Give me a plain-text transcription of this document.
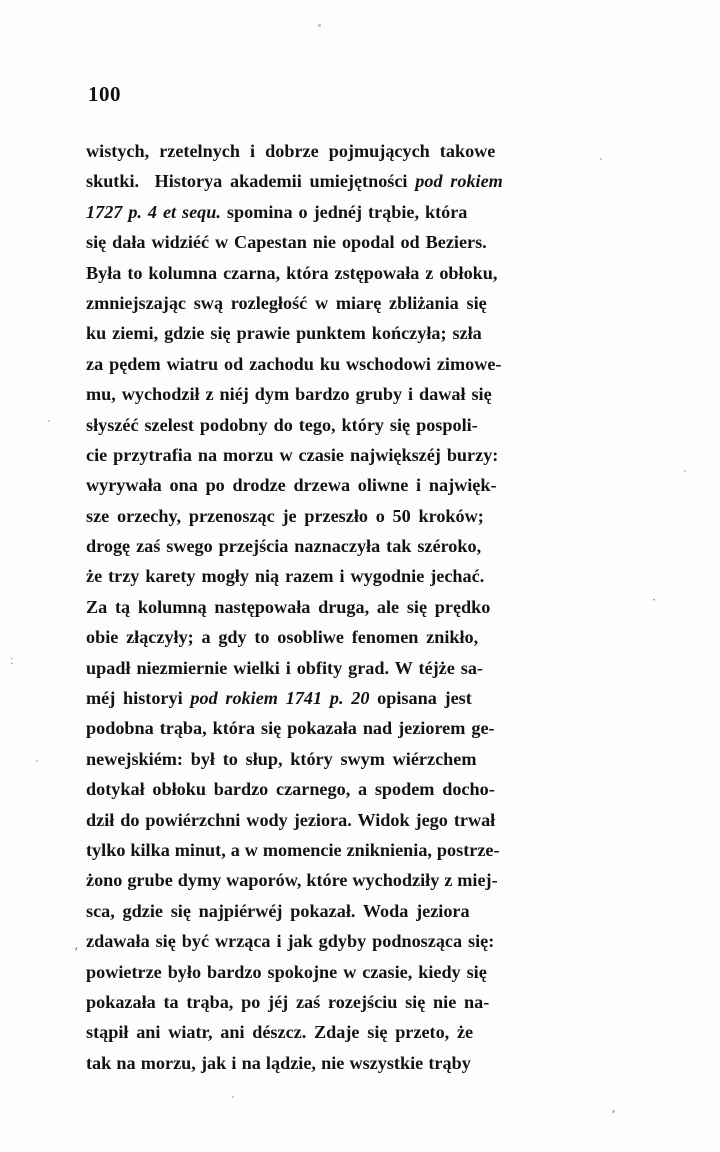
100
wistych, rzetelnych i dobrze pojmujących takowe
skutki.  Historya akademii umiejętności pod rokiem
1727 p. 4 et sequ. spomina o jednéj trąbie, która
się dała widziéć w Capestan nie opodal od Beziers.
Była to kolumna czarna, która zstępowała z obłoku,
zmniejszając swą rozległość w miarę zbliżania się
ku ziemi, gdzie się prawie punktem kończyła; szła
za pędem wiatru od zachodu ku wschodowi zimowe-
mu, wychodził z niéj dym bardzo gruby i dawał się
słyszéć szelest podobny do tego, który się pospoli-
cie przytrafia na morzu w czasie największéj burzy:
wyrywała ona po drodze drzewa oliwne i najwięk-
sze orzechy, przenosząc je przeszło o 50 kroków;
drogę zaś swego przejścia naznaczyła tak széroko,
że trzy karety mogły nią razem i wygodnie jechać.
Za tą kolumną następowała druga, ale się prędko
obie złączyły; a gdy to osobliwe fenomen znikło,
upadł niezmiernie wielki i obfity grad. W téjże sa-
méj historyi pod rokiem 1741 p. 20 opisana jest
podobna trąba, która się pokazała nad jeziorem ge-
newejskiém: był to słup, który swym wiérzchem
dotykał obłoku bardzo czarnego, a spodem docho-
dził do powiérzchni wody jeziora. Widok jego trwał
tylko kilka minut, a w momencie zniknienia, postrze-
żono grube dymy waporów, które wychodziły z miej-
sca, gdzie się najpiérwéj pokazał. Woda jeziora
zdawała się być wrząca i jak gdyby podnosząca się:
powietrze było bardzo spokojne w czasie, kiedy się
pokazała ta trąba, po jéj zaś rozejściu się nie na-
stąpił ani wiatr, ani dészcz. Zdaje się przeto, że
tak na morzu, jak i na lądzie, nie wszystkie trąby
ː
·
’
